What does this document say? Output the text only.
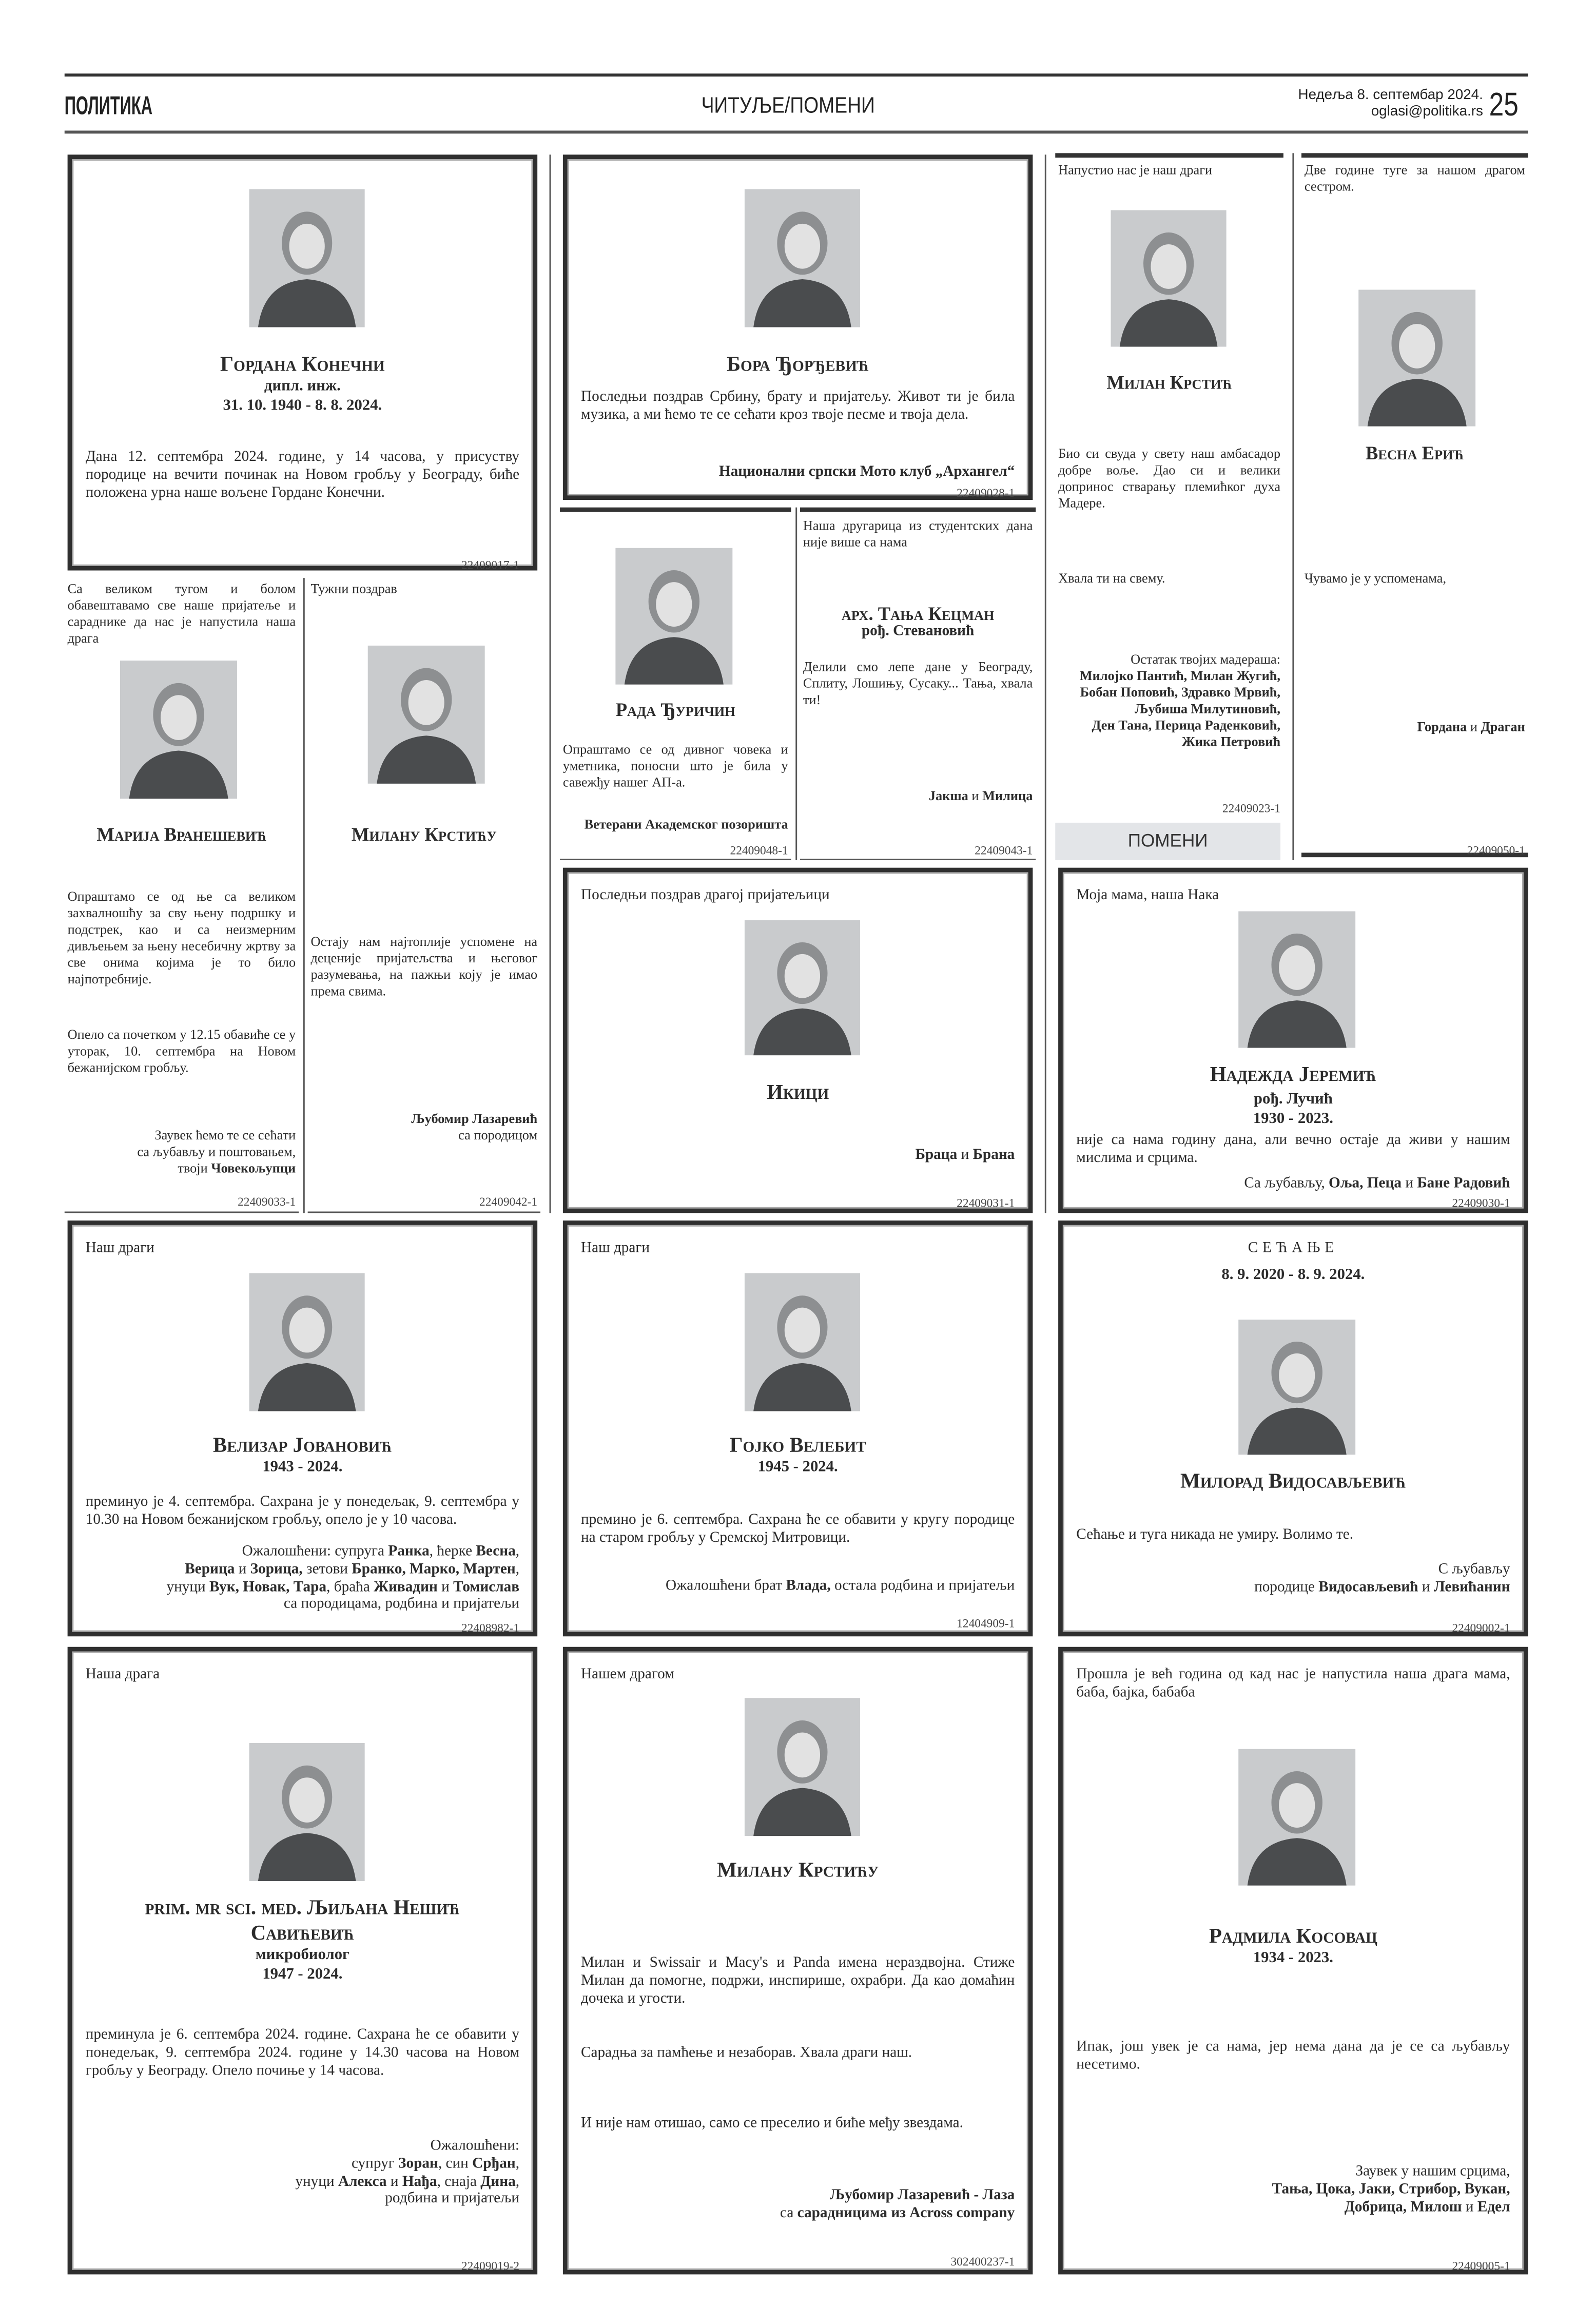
ПОЛИТИКА	ЧИТУЉЕ/ПОМЕНИ	Недеља 8. септембар 2024.
oglasi@politika.rs 25
ПОМЕНИ
Гордана Конечни
дипл. инж.
31. 10. 1940 - 8. 8. 2024.
Дана 12. септембра 2024. године, у 14 часова, у присуству породице на вечити починак на Новом гробљу у Београду, биће положена урна наше вољене Гордане Конечни.
22409017-1
Бора Ђорђевић
Последњи поздрав Србину, брату и пријатељу. Живот ти је била музика, а ми ћемо те се сећати кроз твоје песме и твоја дела.
Национални српски Мото клуб „Архангел“
22409028-1
Рада Ђуричин
Опраштамо се од дивног човека и уметника, поносни што је била у савежђу нашег АП-а.
Ветерани Академског позоришта
22409048-1
Наша другарица из студентских дана није више са нама
арх. Тања Кецман
рођ. Стевановић
Делили смо лепе дане у Београду, Сплиту, Лошињу, Сусаку... Тања, хвала ти!
Јакша и Милица
22409043-1
Напустио нас је наш драги
Милан Крстић
Био си свуда у свету наш амбасадор добре воље. Дао си и велики допринос стварању племићког духа Мадере.
Хвала ти на свему.
Остатак твојих мадераша:
Милојко Пантић, Милан Жугић,
Бобан Поповић, Здравко Мрвић,
Љубиша Милутиновић,
Ден Тана, Перица Раденковић,
Жика Петровић
22409023-1
Две године туге за нашом драгом сестром.
Весна Ерић
Чувамо је у успоменама,
Гордана и Драган
22409050-1
Са великом тугом и болом обавештавамо све наше пријатеље и сараднике да нас је напустила наша драга
Марија Вранешевић
Опраштамо се од ње са великом захвалношћу за сву њену подршку и подстрек, као и са неизмерним дивљењем за њену несебичну жртву за све онима којима је то било најпотребније.
Опело са почетком у 12.15 обавиће се у уторак, 10. септембра на Новом бежанијском гробљу.
Заувек ћемо те се сећати
са љубављу и поштовањем,
твоји Човекољупци
22409033-1
Тужни поздрав
Милану Крстићу
Остају нам најтоплије успомене на деценије пријатељства и његовог разумевања, на пажњи коју је имао према свима.
Љубомир Лазаревић
са породицом
22409042-1
Последњи поздрав драгој пријатељици
Икици
Браца и Брана
22409031-1
Моја мама, наша Нака
Надежда Јеремић
рођ. Лучић
1930 - 2023.
није са нама годину дана, али вечно остаје да живи у нашим мислима и срцима.
Са љубављу, Оља, Пеца и Бане Радовић
22409030-1
Наш драги
Велизар Јовановић
1943 - 2024.
преминуо је 4. септембра. Сахрана је у понедељак, 9. септембра у 10.30 на Новом бежанијском гробљу, опело је у 10 часова.
Ожалошћени: супруга Ранка, ћерке Весна,
Верица и Зорица, зетови Бранко, Марко, Мартен,
унуци Вук, Новак, Тара, браћа Живадин и Томислав
са породицама, родбина и пријатељи
22408982-1
Наш драги
Гојко Велебит
1945 - 2024.
премино је 6. септембра. Сахрана ће се обавити у кругу породице на старом гробљу у Сремској Митровици.
Ожалошћени брат Влада, остала родбина и пријатељи
12404909-1
СЕЋАЊЕ
8. 9. 2020 - 8. 9. 2024.
Милорад Видосављевић
Сећање и туга никада не умиру. Волимо те.
С љубављу
породице Видосављевић и Левићанин
22409002-1
Наша драга
prim. mr sci. med. Љиљана Нешић
Савићевић
микробиолог
1947 - 2024.
преминула је 6. септембра 2024. године. Сахрана ће се обавити у понедељак, 9. септембра 2024. године у 14.30 часова на Новом гробљу у Београду. Опело почиње у 14 часова.
Ожалошћени:
супруг Зоран, син Срђан,
унуци Алекса и Нађа, снаја Дина,
родбина и пријатељи
22409019-2
Нашем драгом
Милану Крстићу
Милан и Swissair и Macy's и Panda имена нераздвојна. Стиже Милан да помогне, подржи, инспирише, охрабри. Да као домаћин дочека и угости.
Сарадња за памћење и незаборав. Хвала драги наш.
И није нам отишао, само се преселио и биће међу звездама.
Љубомир Лазаревић - Лаза
са сарадницима из Across company
302400237-1
Прошла је већ година од кад нас је напустила наша драга мама, баба, бајка, бабаба
Радмила Косовац
1934 - 2023.
Ипак, још увек је са нама, јер нема дана да је се са љубављу несетимо.
Заувек у нашим срцима,
Тања, Цока, Јаки, Стрибор, Вукан,
Добрица, Милош и Едел
22409005-1
